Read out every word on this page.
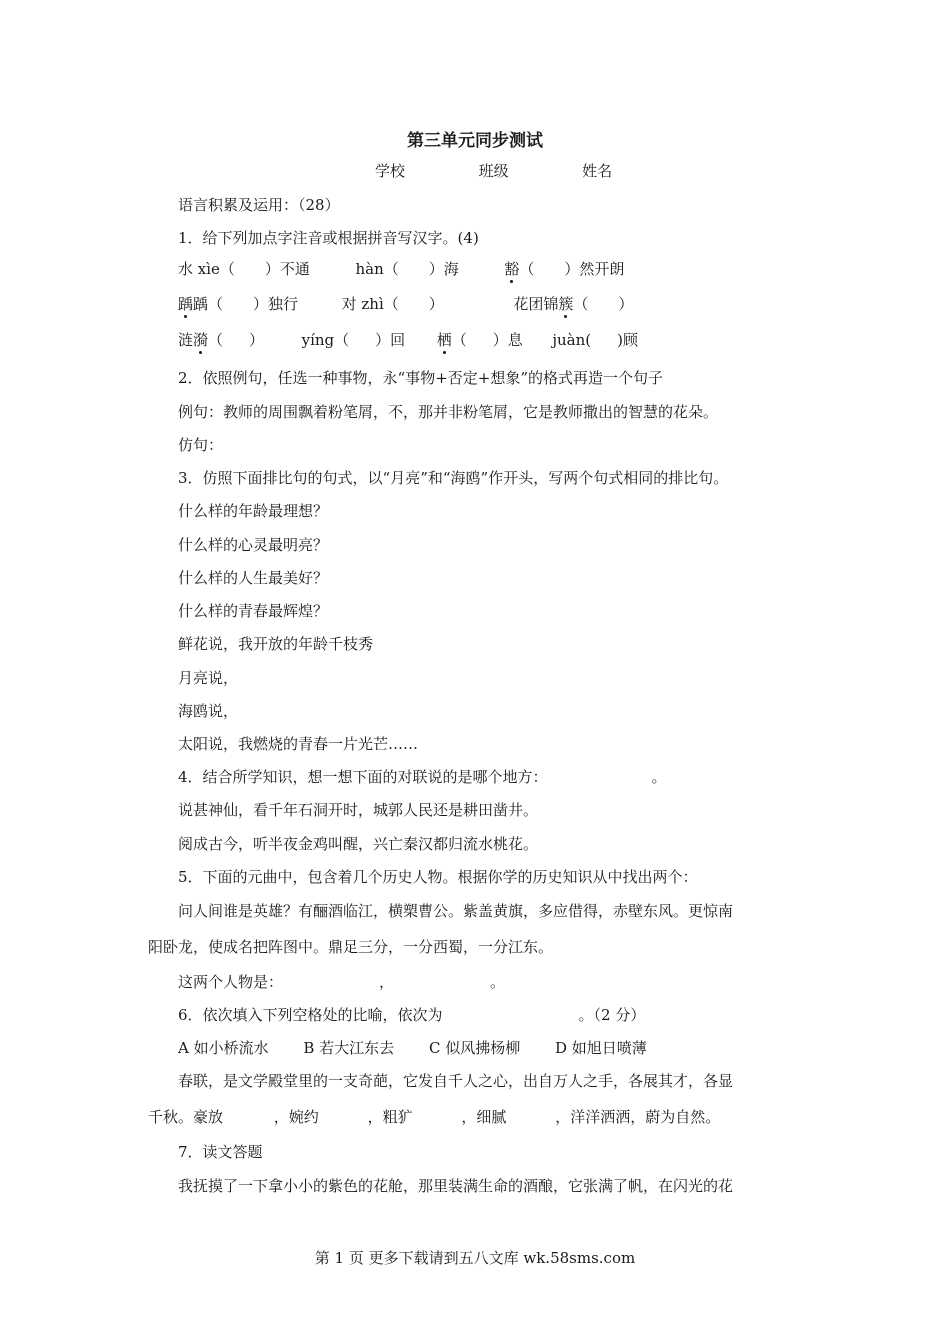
第三单元同步测试
学校	班级	姓名
语言积累及运用：（28）
1．给下列加点字注音或根据拼音写汉字。(4)
水 xìe（ ）不通	hàn（ ）海	豁（ ）然开朗
踽踽（ ）独行	对 zhì（ ）	花团锦簇（ ）
涟漪（ ）	yíng（ ）回 栖（ ）息 juàn( )顾
2．依照例句，任选一种事物，永“事物+否定+想象”的格式再造一个句子
例句：教师的周围飘着粉笔屑，不，那并非粉笔屑，它是教师撒出的智慧的花朵。
仿句：
3．仿照下面排比句的句式，以“月亮”和“海鸥”作开头，写两个句式相同的排比句。
什么样的年龄最理想？
什么样的心灵最明亮？
什么样的人生最美好？
什么样的青春最辉煌？
鲜花说，我开放的年龄千枝秀
月亮说，
海鸥说，
太阳说，我燃烧的青春一片光芒……
4．结合所学知识，想一想下面的对联说的是哪个地方：	。
说甚神仙，看千年石洞开时，城郭人民还是耕田凿井。
阅成古今，听半夜金鸡叫醒，兴亡秦汉都归流水桃花。
5．下面的元曲中，包含着几个历史人物。根据你学的历史知识从中找出两个：
问人间谁是英雄？有酾酒临江，横槊曹公。紫盖黄旗，多应借得，赤壁东风。更惊南
阳卧龙，使成名把阵图中。鼎足三分，一分西蜀，一分江东。
这两个人物是：	，	。
6．依次填入下列空格处的比喻，依次为	。（2 分）
A 如小桥流水 B 若大江东去 C 似风拂杨柳 D 如旭日喷薄
春联，是文学殿堂里的一支奇葩，它发自千人之心，出自万人之手，各展其才，各显
千秋。豪放	，婉约	，粗犷	，细腻	，洋洋洒洒，蔚为自然。
7．读文答题
我抚摸了一下拿小小的紫色的花舱，那里装满生命的酒酿，它张满了帆，在闪光的花
第 1 页 更多下载请到五八文库 wk.58sms.com
